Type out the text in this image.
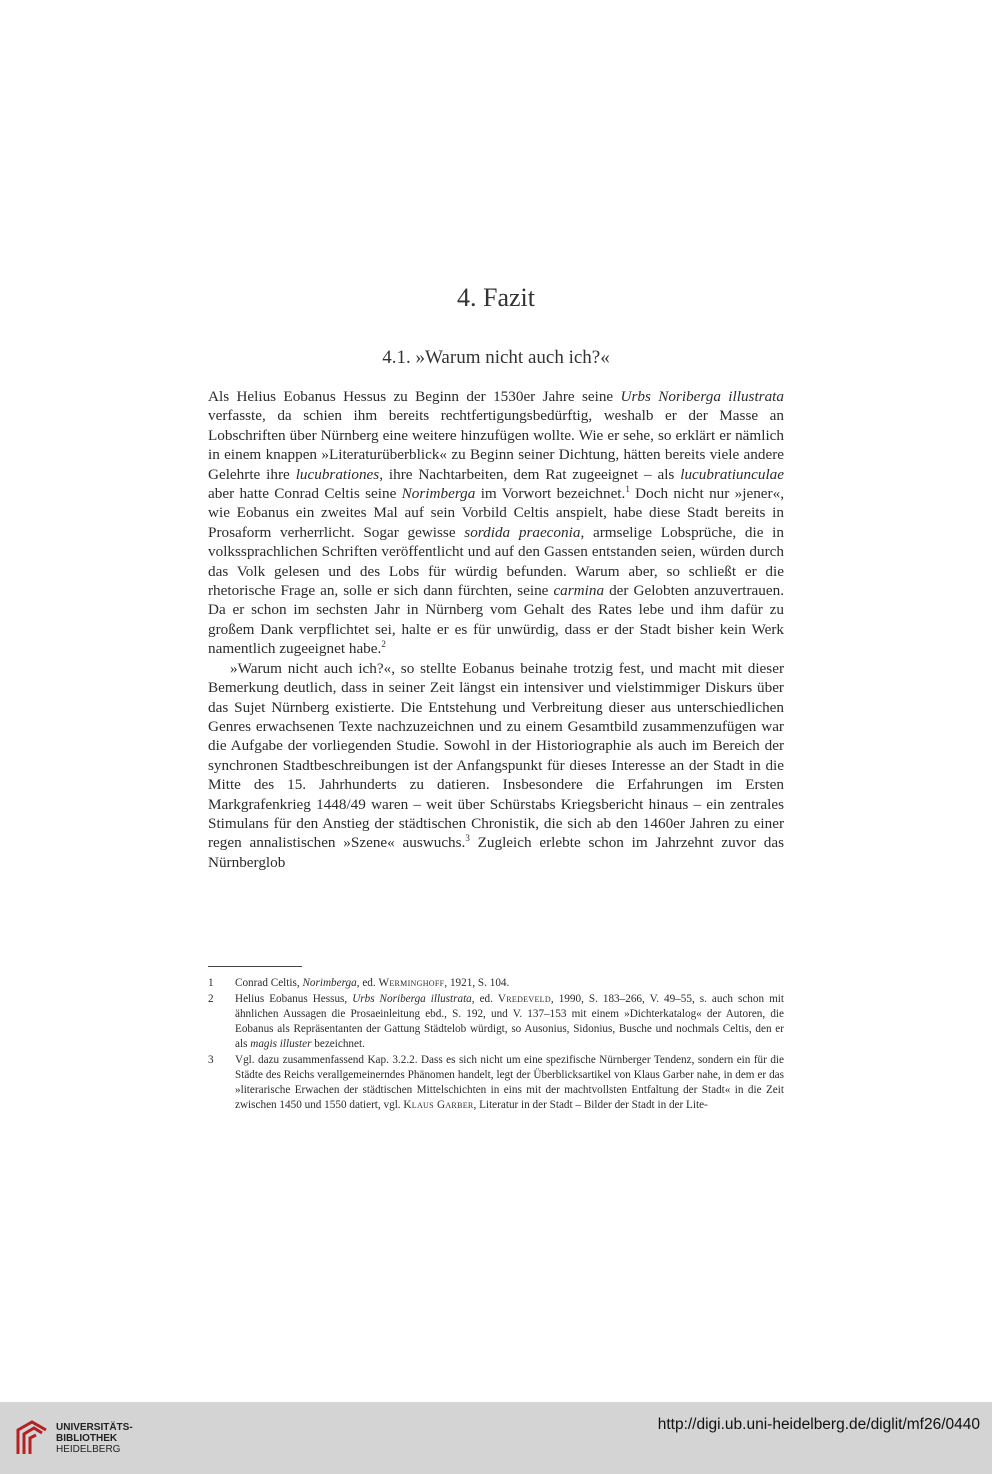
4. Fazit
4.1. »Warum nicht auch ich?«

Als Helius Eobanus Hessus zu Beginn der 1530er Jahre seine Urbs Noriberga illustrata verfasste, da schien ihm bereits rechtfertigungsbedürftig, weshalb er der Masse an Lobschriften über Nürnberg eine weitere hinzufügen wollte. Wie er sehe, so erklärt er nämlich in einem knappen »Literaturüberblick« zu Beginn seiner Dichtung, hätten bereits viele andere Gelehrte ihre lucubrationes, ihre Nachtarbeiten, dem Rat zugeeignet – als lucubratiunculae aber hatte Conrad Celtis seine Norimberga im Vorwort bezeichnet.$^1$ Doch nicht nur »jener«, wie Eobanus ein zweites Mal auf sein Vorbild Celtis anspielt, habe diese Stadt bereits in Prosaform verherrlicht. Sogar gewisse sordida praeconia, armselige Lobsprüche, die in volkssprachlichen Schriften veröffentlicht und auf den Gassen entstanden seien, würden durch das Volk gelesen und des Lobs für würdig befunden. Warum aber, so schließt er die rhetorische Frage an, solle er sich dann fürchten, seine carmina der Gelobten anzuvertrauen. Da er schon im sechsten Jahr in Nürnberg vom Gehalt des Rates lebe und ihm dafür zu großem Dank verpflichtet sei, halte er es für unwürdig, dass er der Stadt bisher kein Werk namentlich zugeeignet habe.$^2$

»Warum nicht auch ich?«, so stellte Eobanus beinahe trotzig fest, und macht mit dieser Bemerkung deutlich, dass in seiner Zeit längst ein intensiver und vielstimmiger Diskurs über das Sujet Nürnberg existierte. Die Entstehung und Verbreitung dieser aus unterschiedlichen Genres erwachsenen Texte nachzuzeichnen und zu einem Gesamtbild zusammenzufügen war die Aufgabe der vorliegenden Studie. Sowohl in der Historiographie als auch im Bereich der synchronen Stadtbeschreibungen ist der Anfangspunkt für dieses Interesse an der Stadt in die Mitte des 15. Jahrhunderts zu datieren. Insbesondere die Erfahrungen im Ersten Markgrafenkrieg 1448/49 waren – weit über Schürstabs Kriegsbericht hinaus – ein zentrales Stimulans für den Anstieg der städtischen Chronistik, die sich ab den 1460er Jahren zu einer regen annalistischen »Szene« auswuchs.$^3$ Zugleich erlebte schon im Jahrzehnt zuvor das Nürnberglob

1	Conrad Celtis, Norimberga, ed. Werminghoff, 1921, S. 104.
2	Helius Eobanus Hessus, Urbs Noriberga illustrata, ed. Vredeveld, 1990, S. 183–266, V. 49–55, s. auch schon mit ähnlichen Aussagen die Prosaeinleitung ebd., S. 192, und V. 137–153 mit einem »Dichterkatalog« der Autoren, die Eobanus als Repräsentanten der Gattung Städtelob würdigt, so Ausonius, Sidonius, Busche und nochmals Celtis, den er als magis illuster bezeichnet.
3	Vgl. dazu zusammenfassend Kap. 3.2.2. Dass es sich nicht um eine spezifische Nürnberger Tendenz, sondern ein für die Städte des Reichs verallgemeinerndes Phänomen handelt, legt der Überblicksartikel von Klaus Garber nahe, in dem er das »literarische Erwachen der städtischen Mittelschichten in eins mit der machtvollsten Entfaltung der Stadt« in die Zeit zwischen 1450 und 1550 datiert, vgl. Klaus Garber, Literatur in der Stadt – Bilder der Stadt in der Lite-
UNIVERSITÄTS-
BIBLIOTHEK
HEIDELBERG
http://digi.ub.uni-heidelberg.de/diglit/mf26/0440
